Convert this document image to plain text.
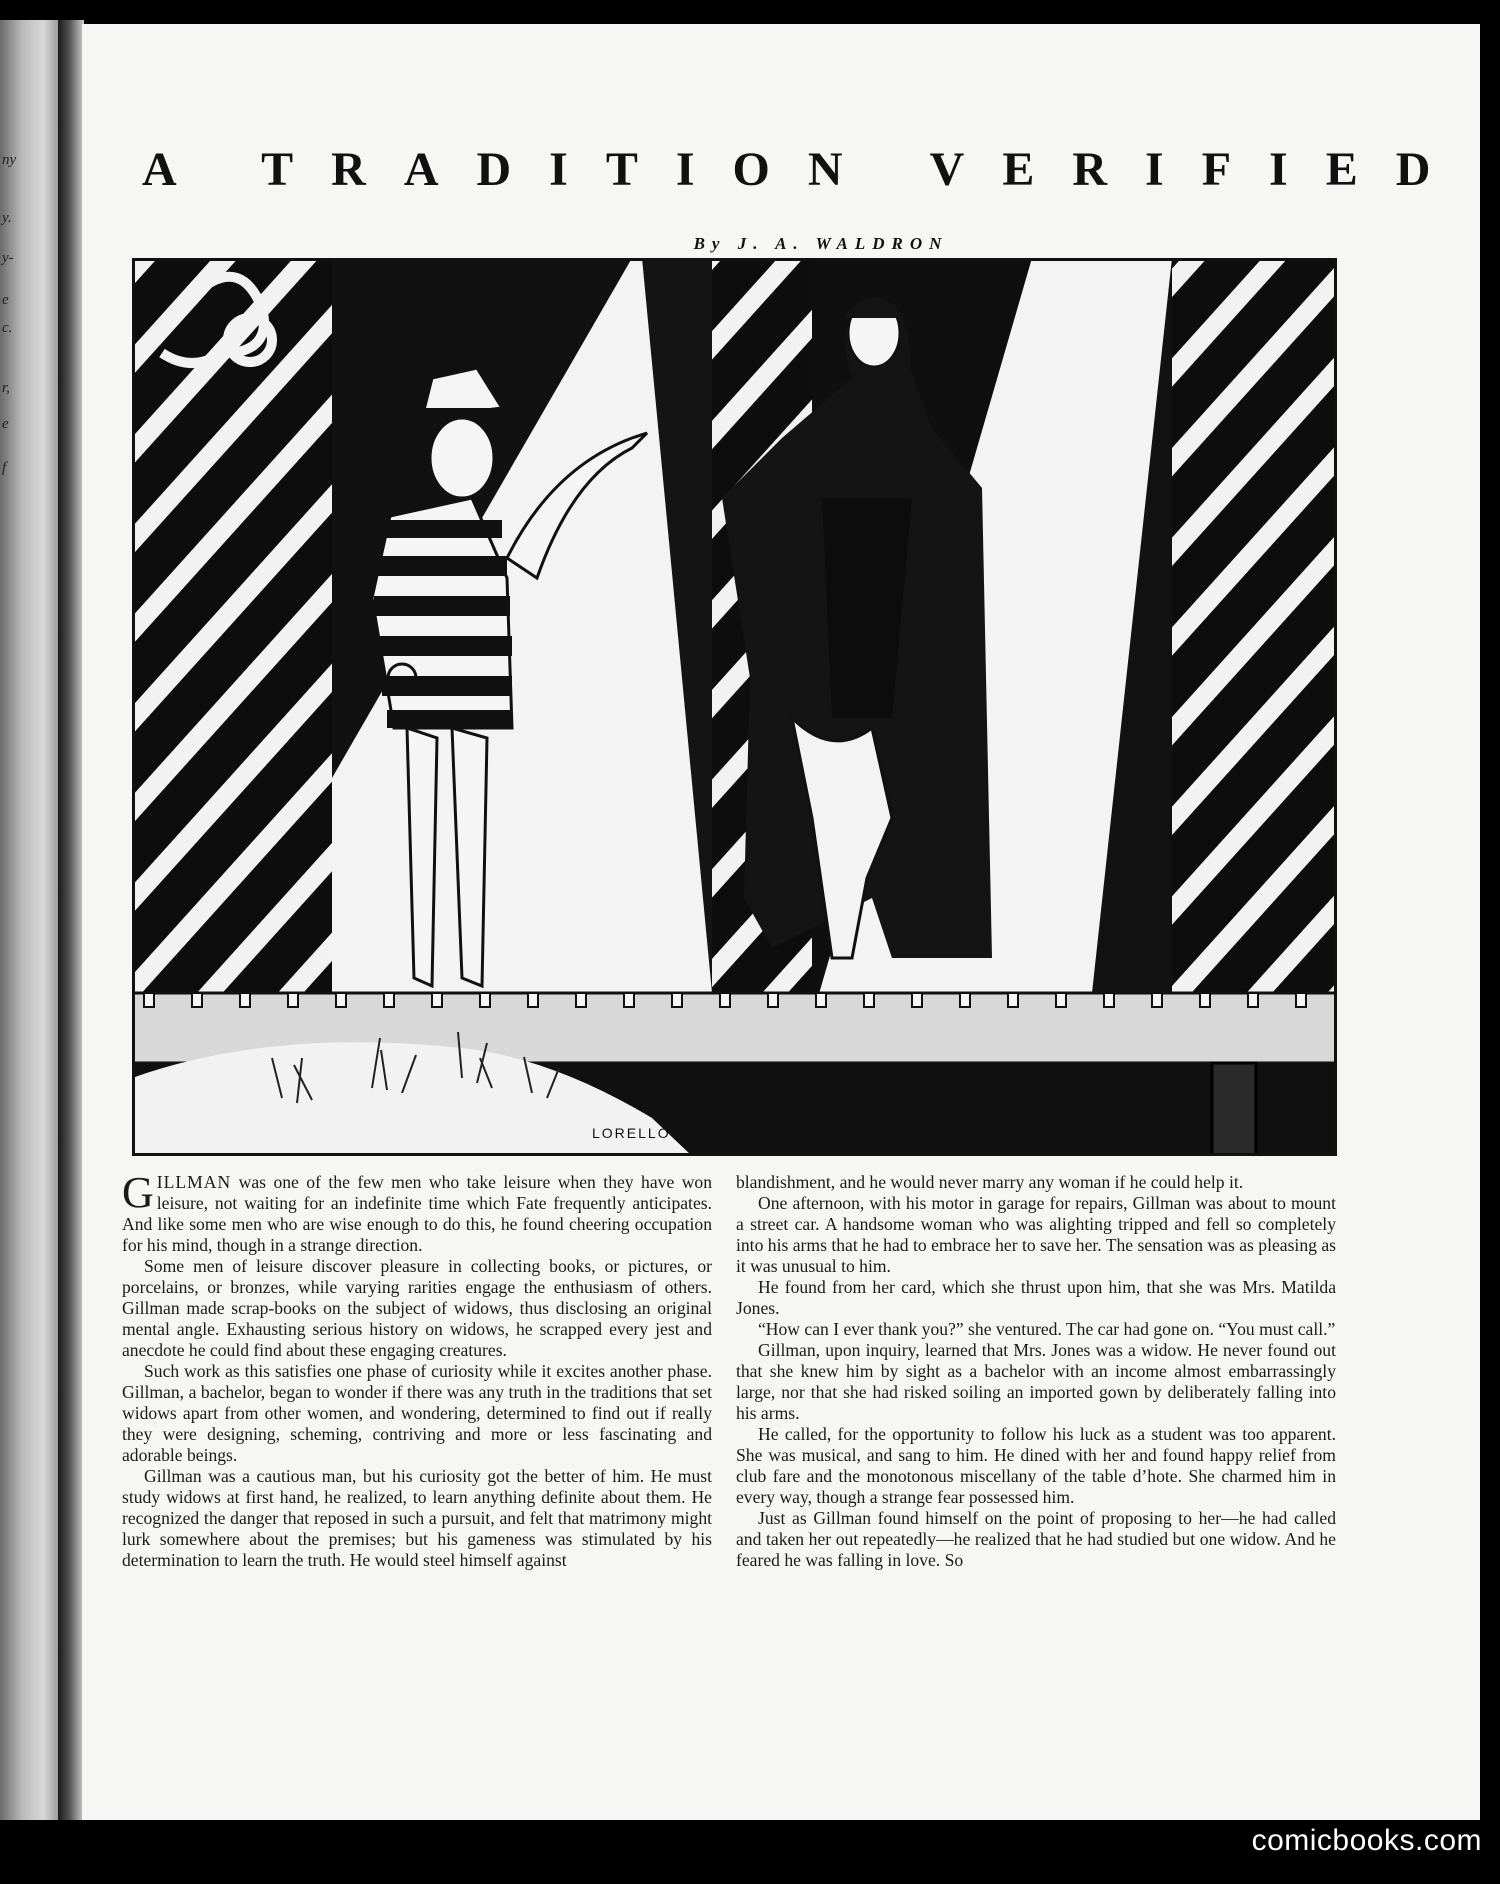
ny
y.
y-
e
c.
r,
e
f
A TRADITION VERIFIED
By J. A. WALDRON
LORELLO ASS

GILLMAN was one of the few men who take leisure when they have won leisure, not waiting for an indefinite time which Fate frequently anticipates. And like some men who are wise enough to do this, he found cheering occupation for his mind, though in a strange direction.

Some men of leisure discover pleasure in collecting books, or pictures, or porcelains, or bronzes, while varying rarities engage the enthusiasm of others. Gillman made scrap-books on the subject of widows, thus disclosing an original mental angle. Exhausting serious history on widows, he scrapped every jest and anecdote he could find about these engaging creatures.

Such work as this satisfies one phase of curiosity while it excites another phase. Gillman, a bachelor, began to wonder if there was any truth in the traditions that set widows apart from other women, and wondering, determined to find out if really they were designing, scheming, contriving and more or less fascinating and adorable beings.

Gillman was a cautious man, but his curiosity got the better of him. He must study widows at first hand, he realized, to learn anything definite about them. He recognized the danger that reposed in such a pursuit, and felt that matrimony might lurk somewhere about the premises; but his gameness was stimulated by his determination to learn the truth. He would steel himself against

blandishment, and he would never marry any woman if he could help it.

One afternoon, with his motor in garage for repairs, Gillman was about to mount a street car. A handsome woman who was alighting tripped and fell so completely into his arms that he had to embrace her to save her. The sensation was as pleasing as it was unusual to him.

He found from her card, which she thrust upon him, that she was Mrs. Matilda Jones.

“How can I ever thank you?” she ventured. The car had gone on. “You must call.”

Gillman, upon inquiry, learned that Mrs. Jones was a widow. He never found out that she knew him by sight as a bachelor with an income almost embarrassingly large, nor that she had risked soiling an imported gown by deliberately falling into his arms.

He called, for the opportunity to follow his luck as a student was too apparent. She was musical, and sang to him. He dined with her and found happy relief from club fare and the monotonous miscellany of the table d’hote. She charmed him in every way, though a strange fear possessed him.

Just as Gillman found himself on the point of proposing to her—he had called and taken her out repeatedly—he realized that he had studied but one widow. And he feared he was falling in love. So

comicbooks.com
